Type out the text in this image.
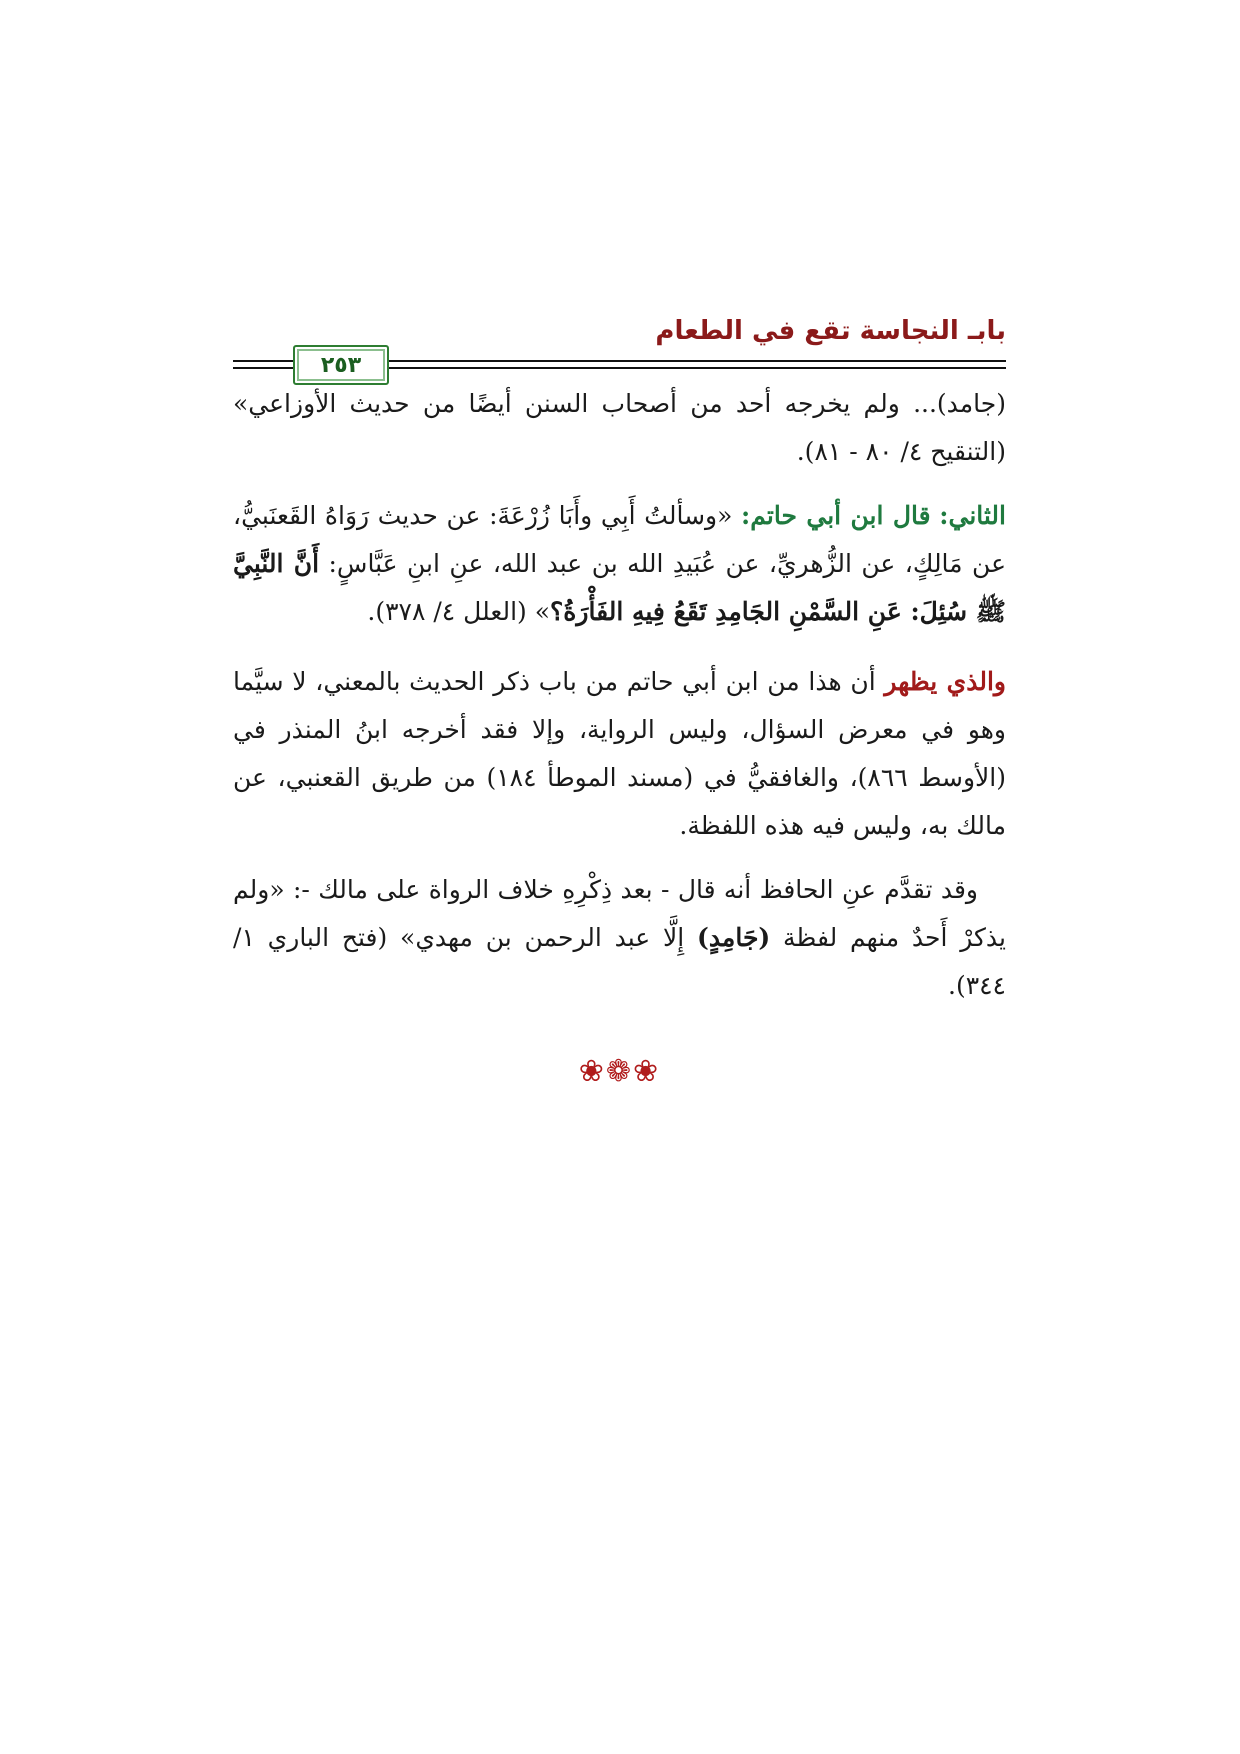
بابـ النجاسة تقع في الطعام
٢٥٣

(جامد)... ولم يخرجه أحد من أصحاب السنن أيضًا من حديث الأوزاعي» (التنقيح ٤/ ٨٠ - ٨١).

الثاني: قال ابن أبي حاتم: «وسألتُ أَبِي وأَبَا زُرْعَةَ: عن حديث رَوَاهُ القَعنَبيُّ، عن مَالِكٍ، عن الزُّهريِّ، عن عُبَيدِ الله بن عبد الله، عنِ ابنِ عَبَّاسٍ: أَنَّ النَّبِيَّ ﷺ سُئِلَ: عَنِ السَّمْنِ الجَامِدِ تَقَعُ فِيهِ الفَأْرَةُ؟» (العلل ٤/ ٣٧٨).

والذي يظهر أن هذا من ابن أبي حاتم من باب ذكر الحديث بالمعني، لا سيَّما وهو في معرض السؤال، وليس الرواية، وإلا فقد أخرجه ابنُ المنذر في (الأوسط ٨٦٦)، والغافقيُّ في (مسند الموطأ ١٨٤) من طريق القعنبي، عن مالك به، وليس فيه هذه اللفظة.

وقد تقدَّم عنِ الحافظ أنه قال - بعد ذِكْرِهِ خلاف الرواة على مالك -: «ولم يذكرْ أَحدٌ منهم لفظة (جَامِدٍ) إِلَّا عبد الرحمن بن مهدي» (فتح الباري ١/ ٣٤٤).

❀❁❀
